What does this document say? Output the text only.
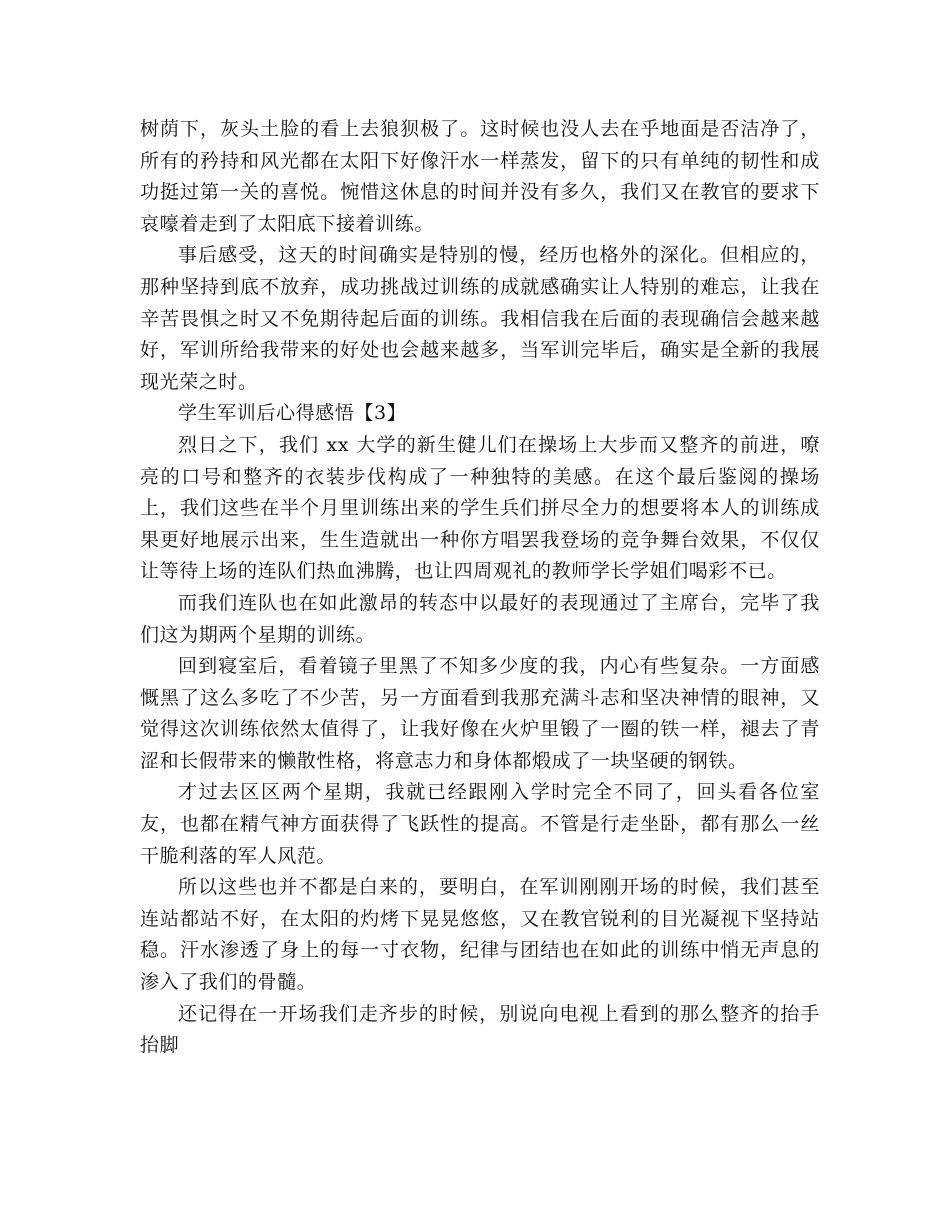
树荫下，灰头土脸的看上去狼狈极了。这时候也没人去在乎地面是否洁净了，所有的矜持和风光都在太阳下好像汗水一样蒸发，留下的只有单纯的韧性和成功挺过第一关的喜悦。惋惜这休息的时间并没有多久，我们又在教官的要求下哀嚎着走到了太阳底下接着训练。

事后感受，这天的时间确实是特别的慢，经历也格外的深化。但相应的，那种坚持到底不放弃，成功挑战过训练的成就感确实让人特别的难忘，让我在辛苦畏惧之时又不免期待起后面的训练。我相信我在后面的表现确信会越来越好，军训所给我带来的好处也会越来越多，当军训完毕后，确实是全新的我展现光荣之时。

学生军训后心得感悟【3】

烈日之下，我们 xx 大学的新生健儿们在操场上大步而又整齐的前进，嘹亮的口号和整齐的衣装步伐构成了一种独特的美感。在这个最后鉴阅的操场上，我们这些在半个月里训练出来的学生兵们拼尽全力的想要将本人的训练成果更好地展示出来，生生造就出一种你方唱罢我登场的竞争舞台效果，不仅仅让等待上场的连队们热血沸腾，也让四周观礼的教师学长学姐们喝彩不已。

而我们连队也在如此激昂的转态中以最好的表现通过了主席台，完毕了我们这为期两个星期的训练。

回到寝室后，看着镜子里黑了不知多少度的我，内心有些复杂。一方面感慨黑了这么多吃了不少苦，另一方面看到我那充满斗志和坚决神情的眼神，又觉得这次训练依然太值得了，让我好像在火炉里锻了一圈的铁一样，褪去了青涩和长假带来的懒散性格，将意志力和身体都煅成了一块坚硬的钢铁。

才过去区区两个星期，我就已经跟刚入学时完全不同了，回头看各位室友，也都在精气神方面获得了飞跃性的提高。不管是行走坐卧，都有那么一丝干脆利落的军人风范。

所以这些也并不都是白来的，要明白，在军训刚刚开场的时候，我们甚至连站都站不好，在太阳的灼烤下晃晃悠悠，又在教官锐利的目光凝视下坚持站稳。汗水渗透了身上的每一寸衣物，纪律与团结也在如此的训练中悄无声息的渗入了我们的骨髓。

还记得在一开场我们走齐步的时候，别说向电视上看到的那么整齐的抬手抬脚
